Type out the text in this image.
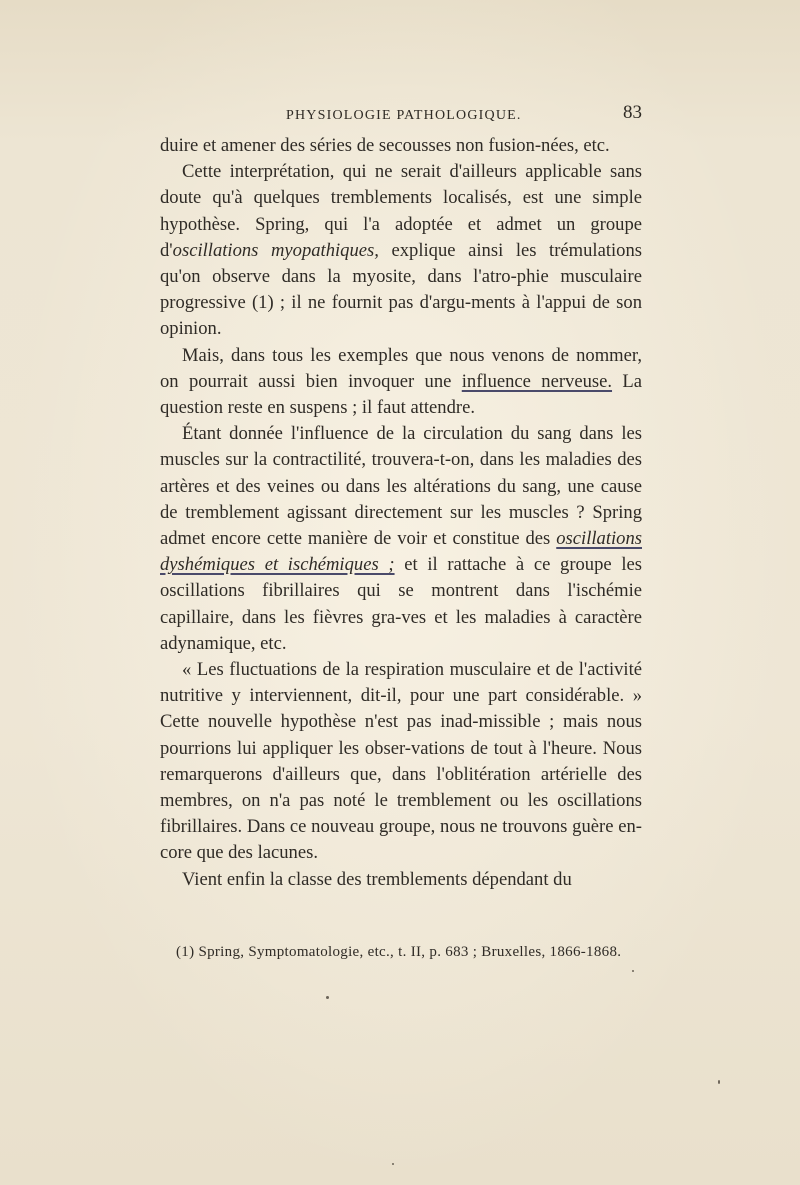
PHYSIOLOGIE PATHOLOGIQUE.	83

duire et amener des séries de secousses non fusion-nées, etc.

Cette interprétation, qui ne serait d'ailleurs applicable sans doute qu'à quelques tremblements localisés, est une simple hypothèse. Spring, qui l'a adoptée et admet un groupe d'oscillations myopathiques, explique ainsi les trémulations qu'on observe dans la myosite, dans l'atro-phie musculaire progressive (1) ; il ne fournit pas d'argu-ments à l'appui de son opinion.

Mais, dans tous les exemples que nous venons de nommer, on pourrait aussi bien invoquer une influence nerveuse. La question reste en suspens ; il faut attendre.

Étant donnée l'influence de la circulation du sang dans les muscles sur la contractilité, trouvera-t-on, dans les maladies des artères et des veines ou dans les altérations du sang, une cause de tremblement agissant directement sur les muscles ? Spring admet encore cette manière de voir et constitue des oscillations dyshémiques et ischémiques ; et il rattache à ce groupe les oscillations fibrillaires qui se montrent dans l'ischémie capillaire, dans les fièvres gra-ves et les maladies à caractère adynamique, etc.

« Les fluctuations de la respiration musculaire et de l'activité nutritive y interviennent, dit-il, pour une part considérable. » Cette nouvelle hypothèse n'est pas inad-missible ; mais nous pourrions lui appliquer les obser-vations de tout à l'heure. Nous remarquerons d'ailleurs que, dans l'oblitération artérielle des membres, on n'a pas noté le tremblement ou les oscillations fibrillaires. Dans ce nouveau groupe, nous ne trouvons guère en-core que des lacunes.

Vient enfin la classe des tremblements dépendant du

(1) Spring, Symptomatologie, etc., t. II, p. 683 ; Bruxelles, 1866-1868.
